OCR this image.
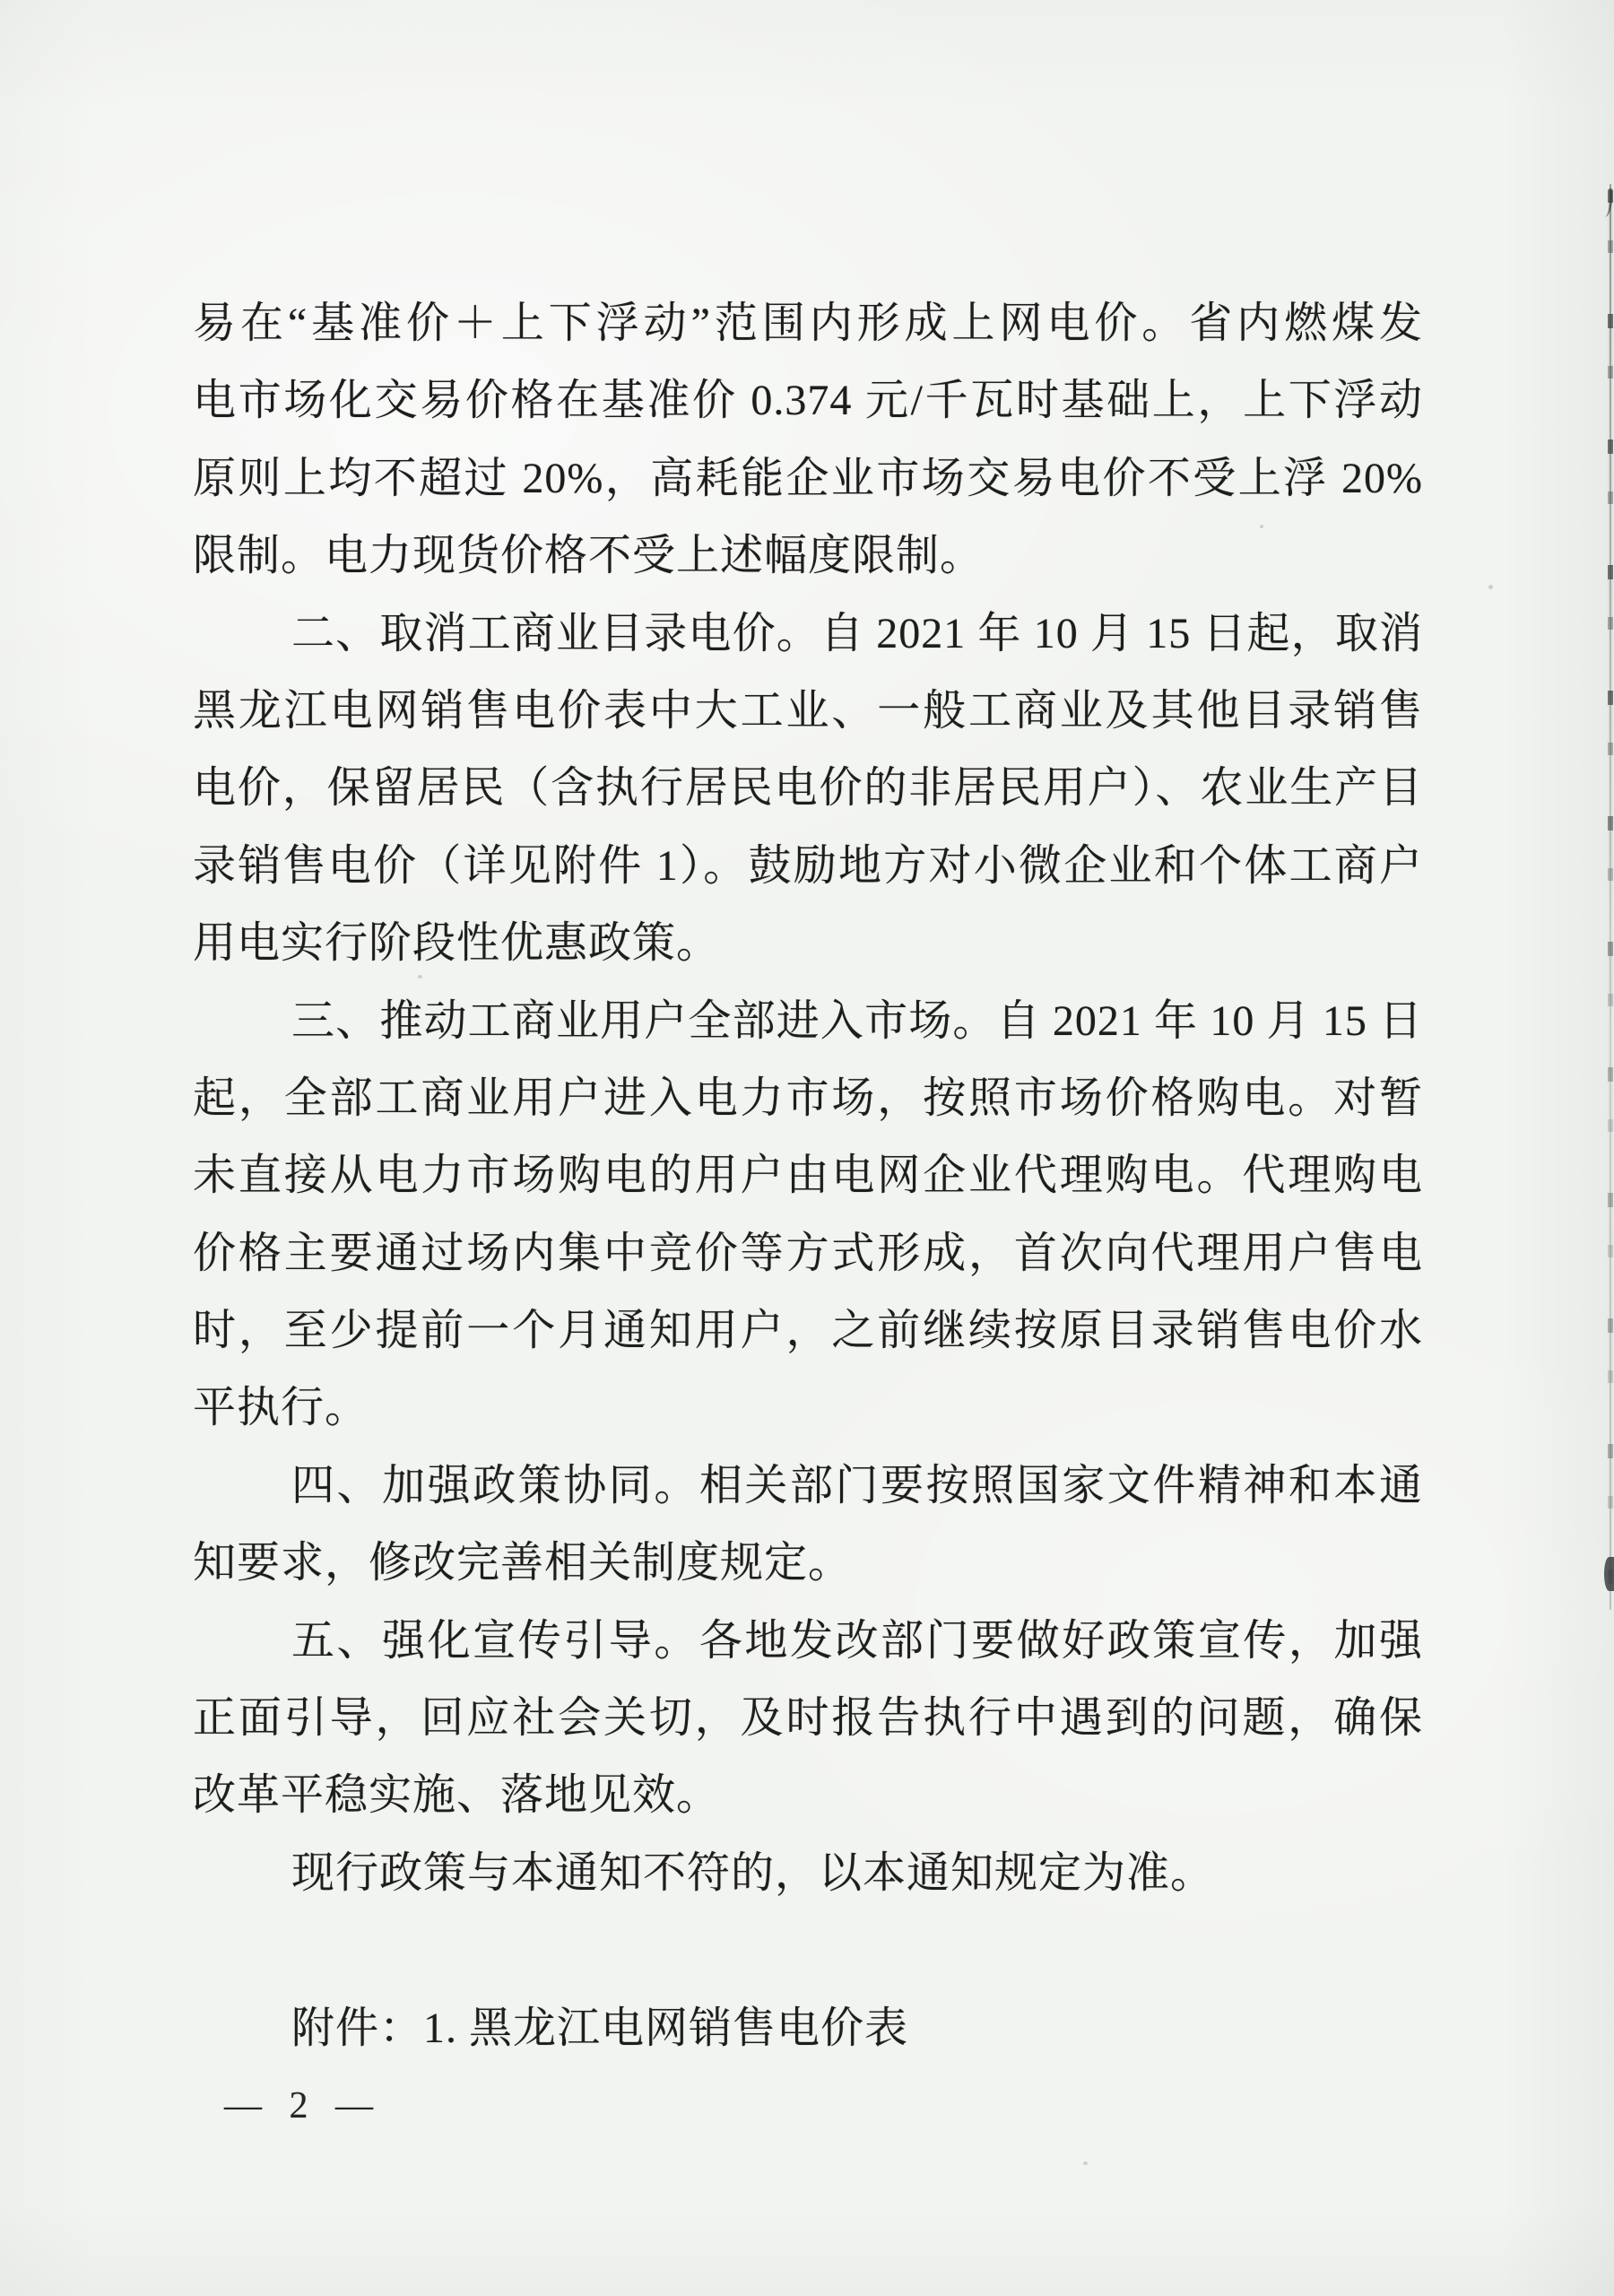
易在“基准价＋上下浮动”范围内形成上网电价。省内燃煤发
电市场化交易价格在基准价 0.374 元/千瓦时基础上，上下浮动
原则上均不超过 20%，高耗能企业市场交易电价不受上浮 20%
限制。电力现货价格不受上述幅度限制。
二、取消工商业目录电价。自 2021 年 10 月 15 日起，取消
黑龙江电网销售电价表中大工业、一般工商业及其他目录销售
电价，保留居民（含执行居民电价的非居民用户）、农业生产目
录销售电价（详见附件 1）。鼓励地方对小微企业和个体工商户
用电实行阶段性优惠政策。
三、推动工商业用户全部进入市场。自 2021 年 10 月 15 日
起，全部工商业用户进入电力市场，按照市场价格购电。对暂
未直接从电力市场购电的用户由电网企业代理购电。代理购电
价格主要通过场内集中竞价等方式形成，首次向代理用户售电
时，至少提前一个月通知用户，之前继续按原目录销售电价水
平执行。
四、加强政策协同。相关部门要按照国家文件精神和本通
知要求，修改完善相关制度规定。
五、强化宣传引导。各地发改部门要做好政策宣传，加强
正面引导，回应社会关切，及时报告执行中遇到的问题，确保
改革平稳实施、落地见效。
现行政策与本通知不符的，以本通知规定为准。
附件：1. 黑龙江电网销售电价表
— 2 —
